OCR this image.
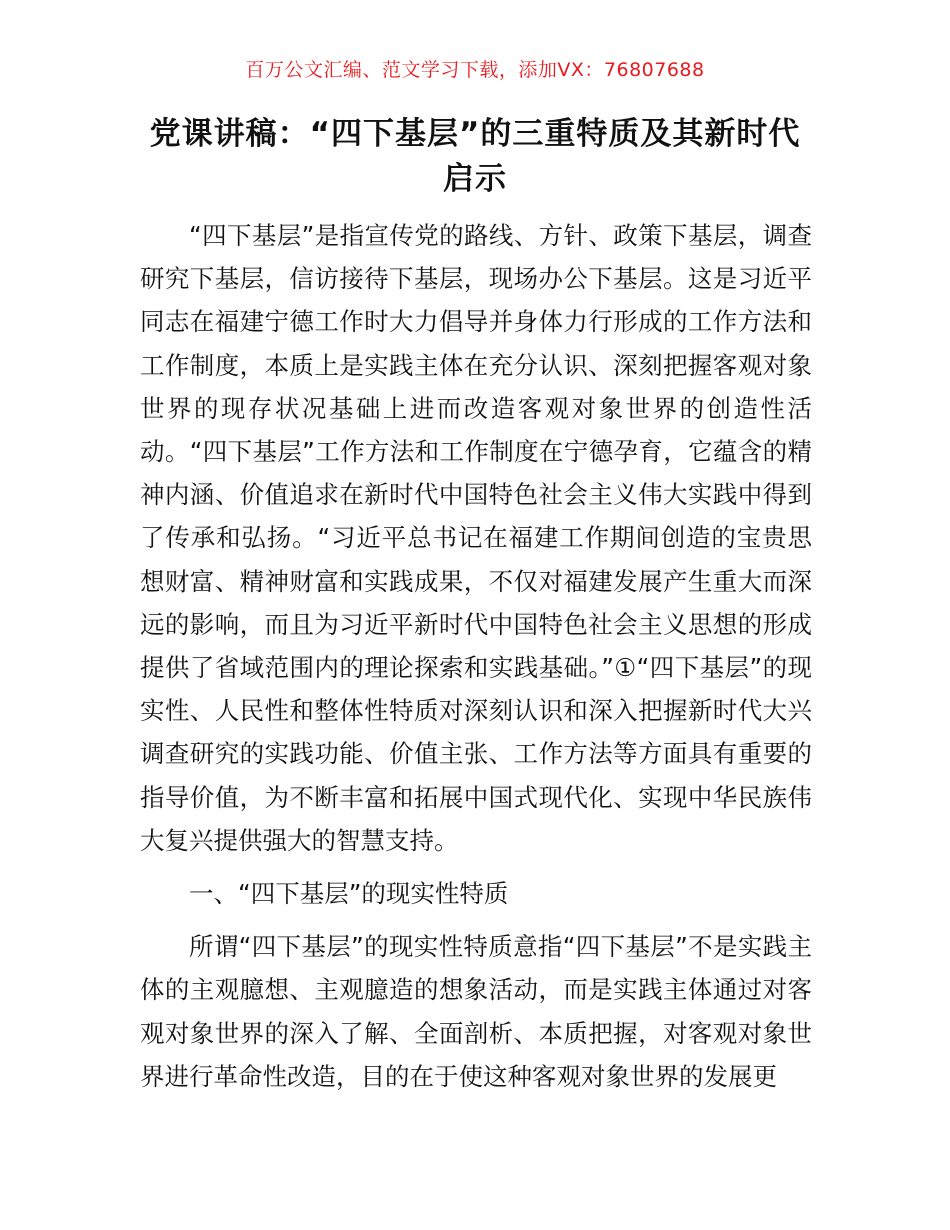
百万公文汇编、范文学习下载，添加VX：76807688
党课讲稿：“四下基层”的三重特质及其新时代启示

“四下基层”是指宣传党的路线、方针、政策下基层，调查研究下基层，信访接待下基层，现场办公下基层。这是习近平同志在福建宁德工作时大力倡导并身体力行形成的工作方法和工作制度，本质上是实践主体在充分认识、深刻把握客观对象世界的现存状况基础上进而改造客观对象世界的创造性活动。“四下基层”工作方法和工作制度在宁德孕育，它蕴含的精神内涵、价值追求在新时代中国特色社会主义伟大实践中得到了传承和弘扬。“习近平总书记在福建工作期间创造的宝贵思想财富、精神财富和实践成果，不仅对福建发展产生重大而深远的影响，而且为习近平新时代中国特色社会主义思想的形成提供了省域范围内的理论探索和实践基础。”①“四下基层”的现实性、人民性和整体性特质对深刻认识和深入把握新时代大兴调查研究的实践功能、价值主张、工作方法等方面具有重要的指导价值，为不断丰富和拓展中国式现代化、实现中华民族伟大复兴提供强大的智慧支持。

一、“四下基层”的现实性特质

所谓“四下基层”的现实性特质意指“四下基层”不是实践主体的主观臆想、主观臆造的想象活动，而是实践主体通过对客观对象世界的深入了解、全面剖析、本质把握，对客观对象世界进行革命性改造，目的在于使这种客观对象世界的发展更
